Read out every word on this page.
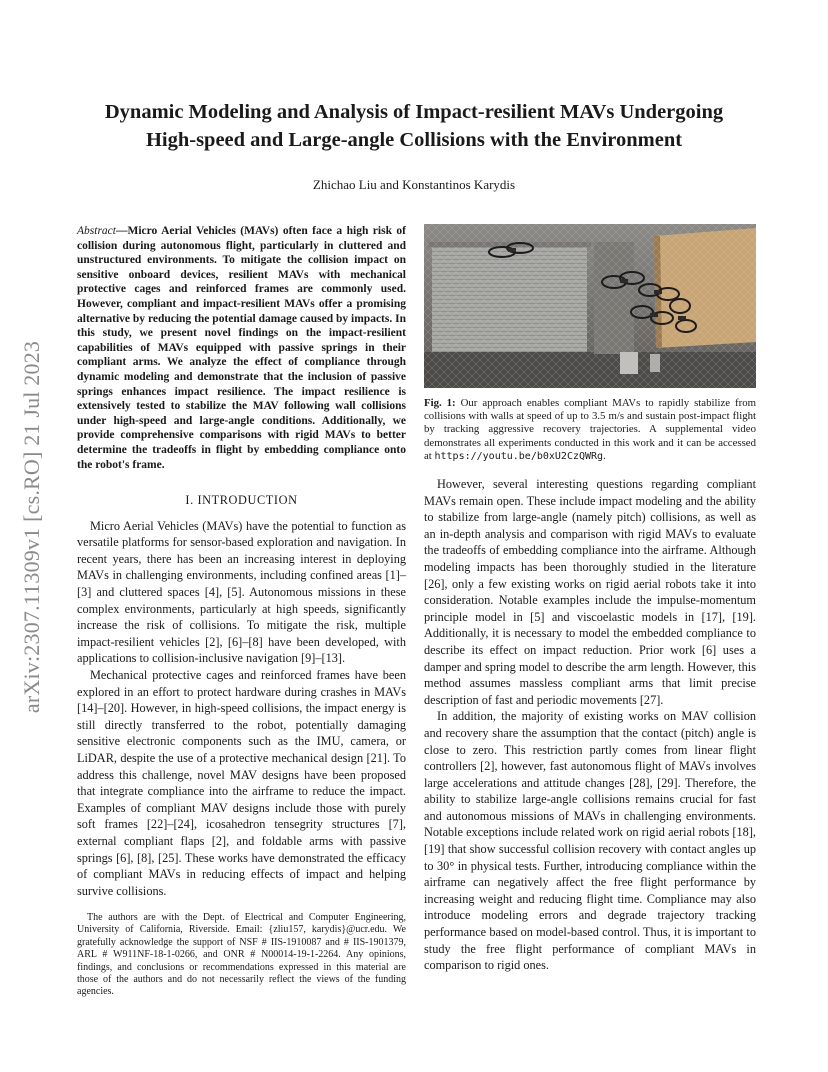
arXiv:2307.11309v1 [cs.RO] 21 Jul 2023
Dynamic Modeling and Analysis of Impact-resilient MAVs Undergoing
High-speed and Large-angle Collisions with the Environment
Zhichao Liu and Konstantinos Karydis

Abstract—Micro Aerial Vehicles (MAVs) often face a high risk of collision during autonomous flight, particularly in cluttered and unstructured environments. To mitigate the collision impact on sensitive onboard devices, resilient MAVs with mechanical protective cages and reinforced frames are commonly used. However, compliant and impact-resilient MAVs offer a promising alternative by reducing the potential damage caused by impacts. In this study, we present novel findings on the impact-resilient capabilities of MAVs equipped with passive springs in their compliant arms. We analyze the effect of compliance through dynamic modeling and demonstrate that the inclusion of passive springs enhances impact resilience. The impact resilience is extensively tested to stabilize the MAV following wall collisions under high-speed and large-angle conditions. Additionally, we provide comprehensive comparisons with rigid MAVs to better determine the tradeoffs in flight by embedding compliance onto the robot's frame.

I. INTRODUCTION

Micro Aerial Vehicles (MAVs) have the potential to function as versatile platforms for sensor-based exploration and navigation. In recent years, there has been an increasing interest in deploying MAVs in challenging environments, including confined areas [1]–[3] and cluttered spaces [4], [5]. Autonomous missions in these complex environments, particularly at high speeds, significantly increase the risk of collisions. To mitigate the risk, multiple impact-resilient vehicles [2], [6]–[8] have been developed, with applications to collision-inclusive navigation [9]–[13].

Mechanical protective cages and reinforced frames have been explored in an effort to protect hardware during crashes in MAVs [14]–[20]. However, in high-speed collisions, the impact energy is still directly transferred to the robot, potentially damaging sensitive electronic components such as the IMU, camera, or LiDAR, despite the use of a protective mechanical design [21]. To address this challenge, novel MAV designs have been proposed that integrate compliance into the airframe to reduce the impact. Examples of compliant MAV designs include those with purely soft frames [22]–[24], icosahedron tensegrity structures [7], external compliant flaps [2], and foldable arms with passive springs [6], [8], [25]. These works have demonstrated the efficacy of compliant MAVs in reducing effects of impact and helping survive collisions.

The authors are with the Dept. of Electrical and Computer Engineering, University of California, Riverside. Email: {zliu157, karydis}@ucr.edu. We gratefully acknowledge the support of NSF # IIS-1910087 and # IIS-1901379, ARL # W911NF-18-1-0266, and ONR # N00014-19-1-2264. Any opinions, findings, and conclusions or recommendations expressed in this material are those of the authors and do not necessarily reflect the views of the funding agencies.

Fig. 1: Our approach enables compliant MAVs to rapidly stabilize from collisions with walls at speed of up to 3.5 m/s and sustain post-impact flight by tracking aggressive recovery trajectories. A supplemental video demonstrates all experiments conducted in this work and it can be accessed at https://youtu.be/b0xU2CzQWRg.

However, several interesting questions regarding compliant MAVs remain open. These include impact modeling and the ability to stabilize from large-angle (namely pitch) collisions, as well as an in-depth analysis and comparison with rigid MAVs to evaluate the tradeoffs of embedding compliance into the airframe. Although modeling impacts has been thoroughly studied in the literature [26], only a few existing works on rigid aerial robots take it into consideration. Notable examples include the impulse-momentum principle model in [5] and viscoelastic models in [17], [19]. Additionally, it is necessary to model the embedded compliance to describe its effect on impact reduction. Prior work [6] uses a damper and spring model to describe the arm length. However, this method assumes massless compliant arms that limit precise description of fast and periodic movements [27].

In addition, the majority of existing works on MAV collision and recovery share the assumption that the contact (pitch) angle is close to zero. This restriction partly comes from linear flight controllers [2], however, fast autonomous flight of MAVs involves large accelerations and attitude changes [28], [29]. Therefore, the ability to stabilize large-angle collisions remains crucial for fast and autonomous missions of MAVs in challenging environments. Notable exceptions include related work on rigid aerial robots [18], [19] that show successful collision recovery with contact angles up to 30° in physical tests. Further, introducing compliance within the airframe can negatively affect the free flight performance by increasing weight and reducing flight time. Compliance may also introduce modeling errors and degrade trajectory tracking performance based on model-based control. Thus, it is important to study the free flight performance of compliant MAVs in comparison to rigid ones.
